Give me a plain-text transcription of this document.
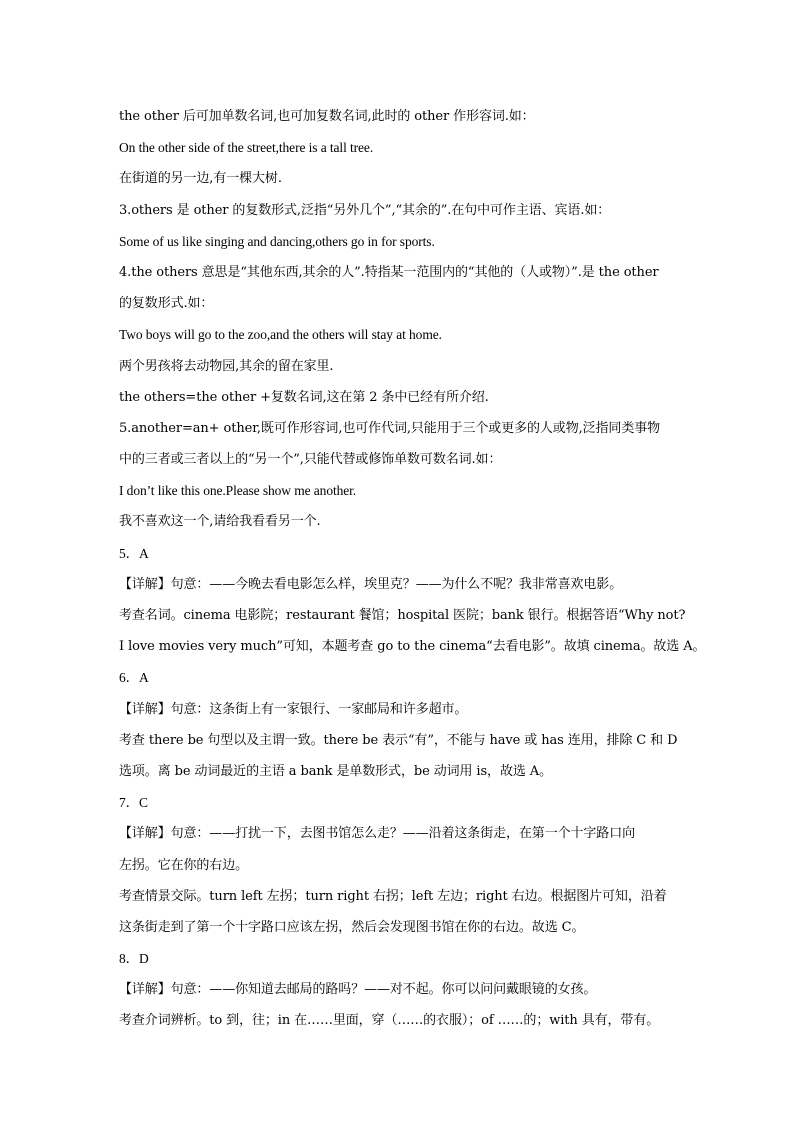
the other 后可加单数名词,也可加复数名词,此时的 other 作形容词.如：
On the other side of the street,there is a tall tree.
在街道的另一边,有一棵大树.
3.others 是 other 的复数形式,泛指“另外几个”,“其余的”.在句中可作主语、宾语.如：
Some of us like singing and dancing,others go in for sports.
4.the others 意思是“其他东西,其余的人”.特指某一范围内的“其他的（人或物）”.是 the other
的复数形式.如：
Two boys will go to the zoo,and the others will stay at home.
两个男孩将去动物园,其余的留在家里.
the others=the other +复数名词,这在第 2 条中已经有所介绍.
5.another=an+ other,既可作形容词,也可作代词,只能用于三个或更多的人或物,泛指同类事物
中的三者或三者以上的“另一个”,只能代替或修饰单数可数名词.如：
I don’t like this one.Please show me another.
我不喜欢这一个,请给我看看另一个.
5．A
【详解】句意：——今晚去看电影怎么样，埃里克？——为什么不呢？我非常喜欢电影。
考查名词。cinema 电影院；restaurant 餐馆；hospital 医院；bank 银行。根据答语“Why not?
I love movies very much”可知，本题考查 go to the cinema“去看电影”。故填 cinema。故选 A。
6．A
【详解】句意：这条街上有一家银行、一家邮局和许多超市。
考查 there be 句型以及主谓一致。there be 表示“有”，不能与 have 或 has 连用，排除 C 和 D
选项。离 be 动词最近的主语 a bank 是单数形式，be 动词用 is，故选 A。
7．C
【详解】句意：——打扰一下，去图书馆怎么走？——沿着这条街走，在第一个十字路口向
左拐。它在你的右边。
考查情景交际。turn left 左拐；turn right 右拐；left 左边；right 右边。根据图片可知，沿着
这条街走到了第一个十字路口应该左拐，然后会发现图书馆在你的右边。故选 C。
8．D
【详解】句意：——你知道去邮局的路吗？——对不起。你可以问问戴眼镜的女孩。
考查介词辨析。to 到，往；in 在……里面，穿（……的衣服）；of ……的；with 具有，带有。
